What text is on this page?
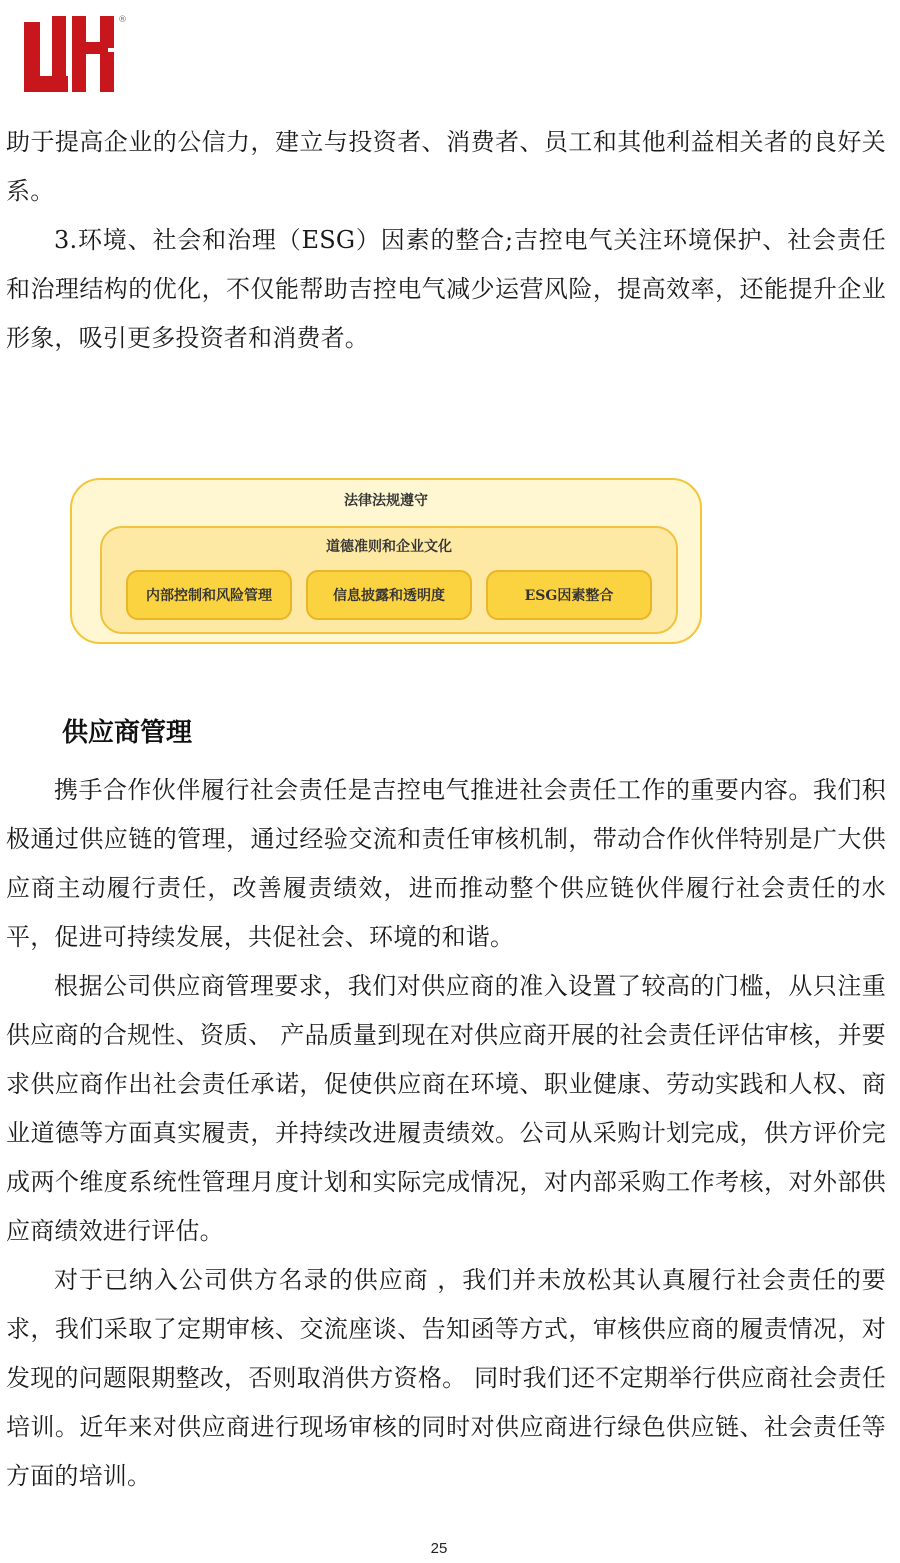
®

助于提高企业的公信力，建立与投资者、消费者、员工和其他利益相关者的良好关系。

3.环境、社会和治理（ESG）因素的整合;吉控电气关注环境保护、社会责任和治理结构的优化，不仅能帮助吉控电气减少运营风险，提高效率，还能提升企业形象，吸引更多投资者和消费者。

法律法规遵守
道德准则和企业文化
内部控制和风险管理	信息披露和透明度	ESG因素整合
供应商管理

携手合作伙伴履行社会责任是吉控电气推进社会责任工作的重要内容。我们积极通过供应链的管理，通过经验交流和责任审核机制，带动合作伙伴特别是广大供应商主动履行责任，改善履责绩效，进而推动整个供应链伙伴履行社会责任的水平，促进可持续发展，共促社会、环境的和谐。

根据公司供应商管理要求，我们对供应商的准入设置了较高的门槛，从只注重供应商的合规性、资质、 产品质量到现在对供应商开展的社会责任评估审核，并要求供应商作出社会责任承诺，促使供应商在环境、职业健康、劳动实践和人权、商业道德等方面真实履责，并持续改进履责绩效。公司从采购计划完成，供方评价完成两个维度系统性管理月度计划和实际完成情况，对内部采购工作考核，对外部供应商绩效进行评估。

对于已纳入公司供方名录的供应商 ，我们并未放松其认真履行社会责任的要求，我们采取了定期审核、交流座谈、告知函等方式，审核供应商的履责情况，对发现的问题限期整改，否则取消供方资格。 同时我们还不定期举行供应商社会责任培训。近年来对供应商进行现场审核的同时对供应商进行绿色供应链、社会责任等方面的培训。

25
